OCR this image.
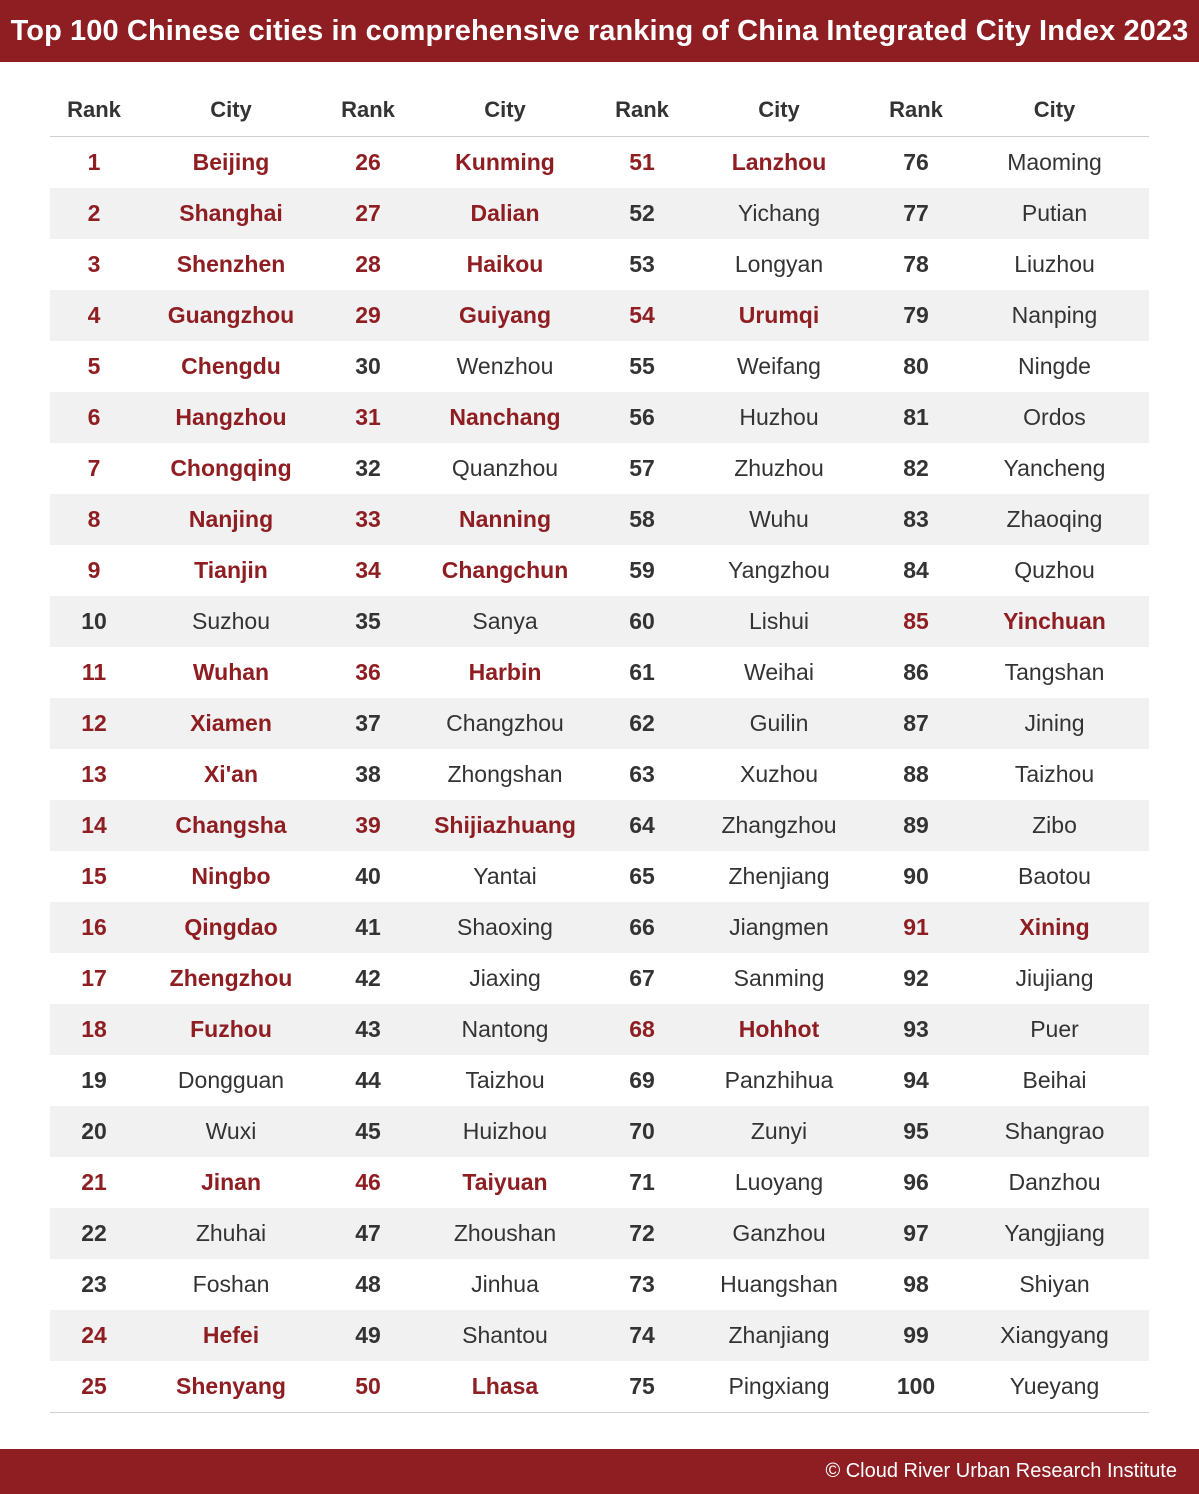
Top 100 Chinese cities in comprehensive ranking of China Integrated City Index 2023
Rank	City	Rank	City	Rank	City	Rank	City
1	Beijing	26	Kunming	51	Lanzhou	76	Maoming
2	Shanghai	27	Dalian	52	Yichang	77	Putian
3	Shenzhen	28	Haikou	53	Longyan	78	Liuzhou
4	Guangzhou	29	Guiyang	54	Urumqi	79	Nanping
5	Chengdu	30	Wenzhou	55	Weifang	80	Ningde
6	Hangzhou	31	Nanchang	56	Huzhou	81	Ordos
7	Chongqing	32	Quanzhou	57	Zhuzhou	82	Yancheng
8	Nanjing	33	Nanning	58	Wuhu	83	Zhaoqing
9	Tianjin	34	Changchun	59	Yangzhou	84	Quzhou
10	Suzhou	35	Sanya	60	Lishui	85	Yinchuan
11	Wuhan	36	Harbin	61	Weihai	86	Tangshan
12	Xiamen	37	Changzhou	62	Guilin	87	Jining
13	Xi'an	38	Zhongshan	63	Xuzhou	88	Taizhou
14	Changsha	39	Shijiazhuang	64	Zhangzhou	89	Zibo
15	Ningbo	40	Yantai	65	Zhenjiang	90	Baotou
16	Qingdao	41	Shaoxing	66	Jiangmen	91	Xining
17	Zhengzhou	42	Jiaxing	67	Sanming	92	Jiujiang
18	Fuzhou	43	Nantong	68	Hohhot	93	Puer
19	Dongguan	44	Taizhou	69	Panzhihua	94	Beihai
20	Wuxi	45	Huizhou	70	Zunyi	95	Shangrao
21	Jinan	46	Taiyuan	71	Luoyang	96	Danzhou
22	Zhuhai	47	Zhoushan	72	Ganzhou	97	Yangjiang
23	Foshan	48	Jinhua	73	Huangshan	98	Shiyan
24	Hefei	49	Shantou	74	Zhanjiang	99	Xiangyang
25	Shenyang	50	Lhasa	75	Pingxiang	100	Yueyang
© Cloud River Urban Research Institute
